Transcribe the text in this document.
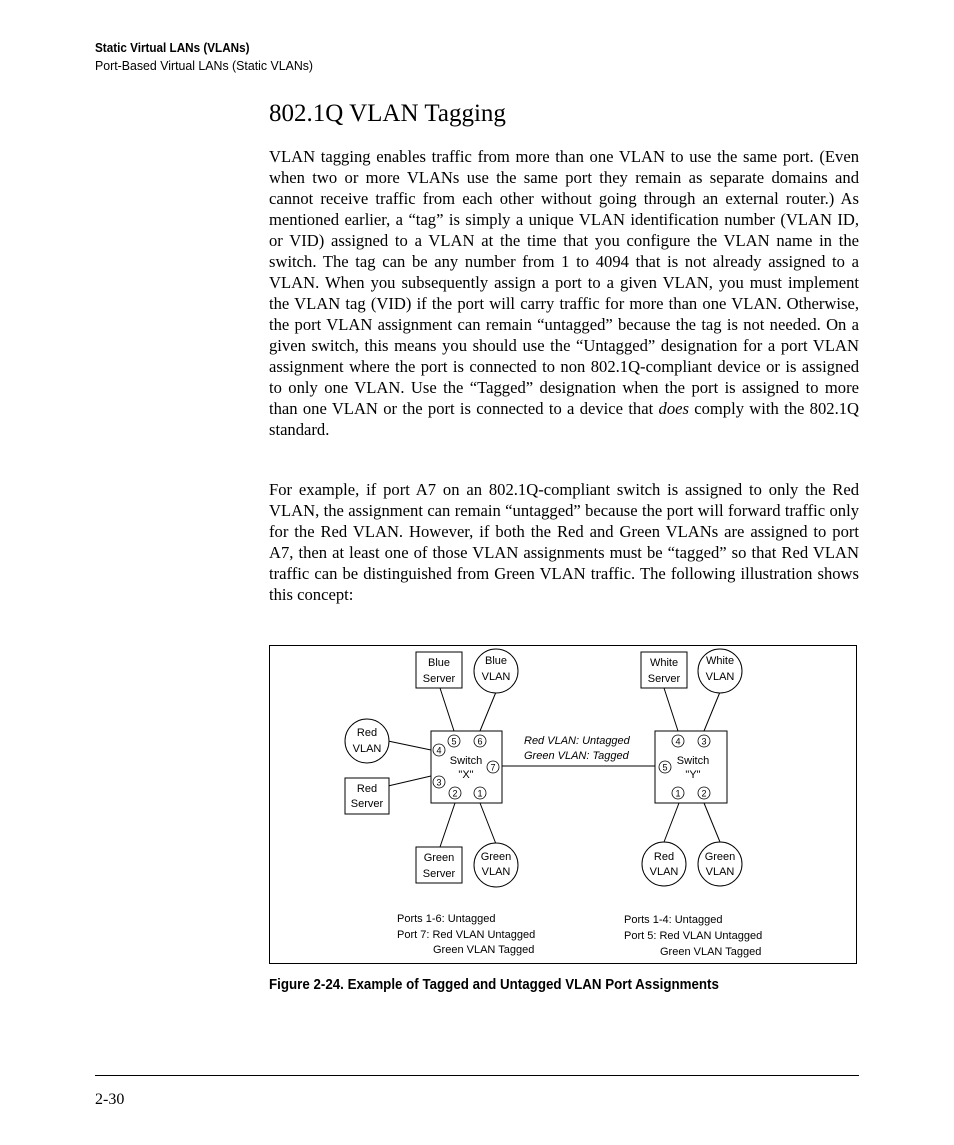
Static Virtual LANs (VLANs)
Port-Based Virtual LANs (Static VLANs)
802.1Q VLAN Tagging

VLAN tagging enables traffic from more than one VLAN to use the same port. (Even when two or more VLANs use the same port they remain as separate domains and cannot receive traffic from each other without going through an external router.) As mentioned earlier, a “tag” is simply a unique VLAN identification number (VLAN ID, or VID) assigned to a VLAN at the time that you configure the VLAN name in the switch. The tag can be any number from 1 to 4094 that is not already assigned to a VLAN. When you subsequently assign a port to a given VLAN, you must implement the VLAN tag (VID) if the port will carry traffic for more than one VLAN. Otherwise, the port VLAN assignment can remain “untagged” because the tag is not needed. On a given switch, this means you should use the “Untagged” designation for a port VLAN assignment where the port is connected to non 802.1Q-compliant device or is assigned to only one VLAN. Use the “Tagged” designation when the port is assigned to more than one VLAN or the port is connected to a device that does comply with the 802.1Q standard.

For example, if port A7 on an 802.1Q-compliant switch is assigned to only the Red VLAN, the assignment can remain “untagged” because the port will forward traffic only for the Red VLAN. However, if both the Red and Green VLANs are assigned to port A7, then at least one of those VLAN assignments must be “tagged” so that Red VLAN traffic can be distinguished from Green VLAN traffic. The following illustration shows this concept:

5 6
4
7
3
2 1
Switch
"X"
4 3
5
1 2
Switch
"Y"
Blue
Server
Blue
VLAN
Red
VLAN
Red
Server
Green
Server
Green
VLAN
White
Server
White
VLAN
Red
VLAN
Green
VLAN
Red VLAN: Untagged
Green VLAN: Tagged
Ports 1-6: Untagged
Port 7: Red VLAN Untagged
Green VLAN Tagged
Ports 1-4: Untagged
Port 5: Red VLAN Untagged
Green VLAN Tagged
Figure 2-24. Example of Tagged and Untagged VLAN Port Assignments
2-30
